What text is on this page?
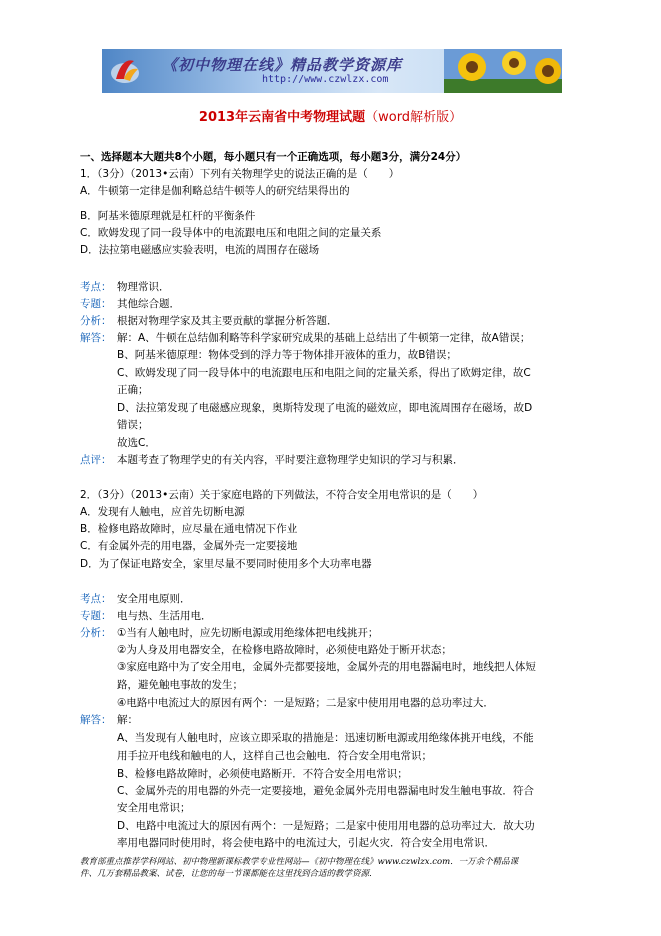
《初中物理在线》精品教学资源库
http://www.czwlzx.com
2013年云南省中考物理试题（word解析版）
一、选择题本大题共8个小题，每小题只有一个正确选项，每小题3分，满分24分）
1．（3分）（2013•云南）下列有关物理学史的说法正确的是（　　）
A．牛顿第一定律是伽利略总结牛顿等人的研究结果得出的
B．阿基米德原理就是杠杆的平衡条件
C．欧姆发现了同一段导体中的电流跟电压和电阻之间的定量关系
D．法拉第电磁感应实验表明，电流的周围存在磁场
考点： 物理常识．
专题： 其他综合题．
分析： 根据对物理学家及其主要贡献的掌握分析答题．
解答： 解：A、牛顿在总结伽利略等科学家研究成果的基础上总结出了牛顿第一定律，故A错误；
B、阿基米德原理：物体受到的浮力等于物体排开液体的重力，故B错误；
C、欧姆发现了同一段导体中的电流跟电压和电阻之间的定量关系，得出了欧姆定律，故C
正确；
D、法拉第发现了电磁感应现象，奥斯特发现了电流的磁效应，即电流周围存在磁场，故D
错误；
故选C．
点评： 本题考查了物理学史的有关内容，平时要注意物理学史知识的学习与积累．
2．（3分）（2013•云南）关于家庭电路的下列做法，不符合安全用电常识的是（　　）
A．发现有人触电，应首先切断电源
B．检修电路故障时，应尽量在通电情况下作业
C．有金属外壳的用电器，金属外壳一定要接地
D．为了保证电路安全，家里尽量不要同时使用多个大功率电器
考点： 安全用电原则．
专题： 电与热、生活用电．
分析： ①当有人触电时，应先切断电源或用绝缘体把电线挑开；
②为人身及用电器安全，在检修电路故障时，必须使电路处于断开状态；
③家庭电路中为了安全用电，金属外壳都要接地，金属外壳的用电器漏电时，地线把人体短
路，避免触电事故的发生；
④电路中电流过大的原因有两个：一是短路；二是家中使用用电器的总功率过大．
解答： 解：
A、当发现有人触电时，应该立即采取的措施是：迅速切断电源或用绝缘体挑开电线，不能
用手拉开电线和触电的人，这样自己也会触电．符合安全用电常识；
B、检修电路故障时，必须使电路断开．不符合安全用电常识；
C、金属外壳的用电器的外壳一定要接地，避免金属外壳用电器漏电时发生触电事故．符合
安全用电常识；
D、电路中电流过大的原因有两个：一是短路；二是家中使用用电器的总功率过大．故大功
率用电器同时使用时，将会使电路中的电流过大，引起火灾．符合安全用电常识．
教育部重点推荐学科网站、初中物理新课标教学专业性网站—《初中物理在线》www.czwlzx.com．一万余个精品课
件、几万套精品教案、试卷，让您的每一节课都能在这里找到合适的教学资源．
